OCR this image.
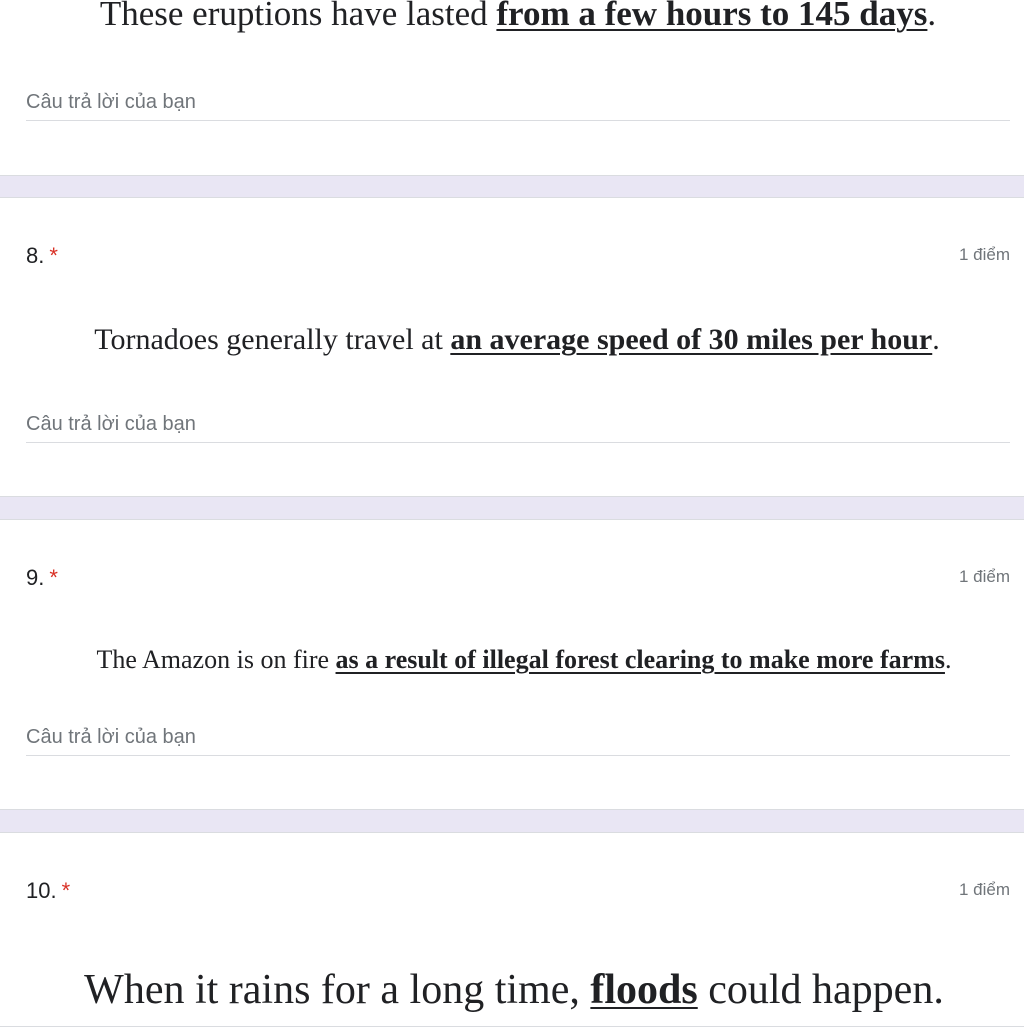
These eruptions have lasted from a few hours to 145 days.
Câu trả lời của bạn
8. *	1 điểm
Tornadoes generally travel at an average speed of 30 miles per hour.
Câu trả lời của bạn
9. *	1 điểm
The Amazon is on fire as a result of illegal forest clearing to make more farms.
Câu trả lời của bạn
10. *	1 điểm
When it rains for a long time, floods could happen.
